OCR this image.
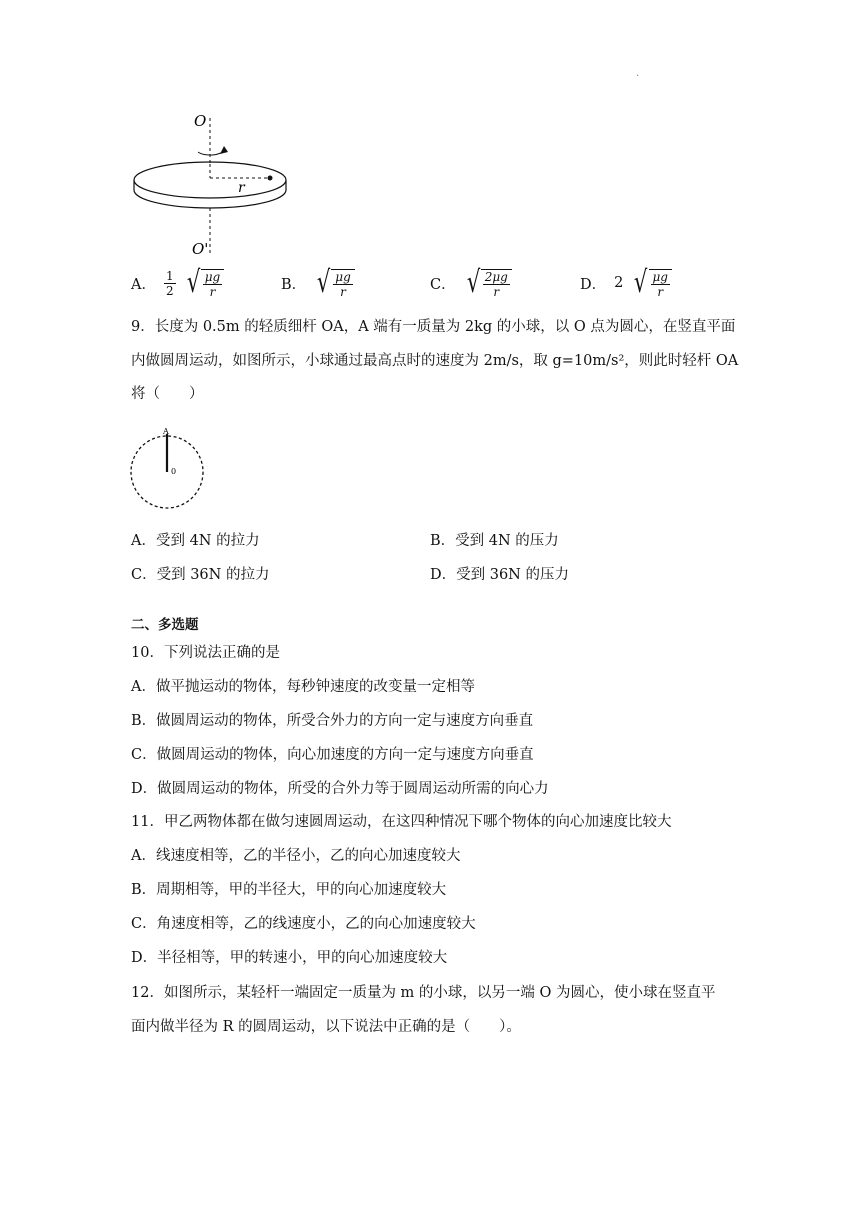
.
O
r
O'
A． $\frac{1}{2}$ √ $\frac{\mu g}{r}$	B． √ $\frac{\mu g}{r}$	C． √ $\frac{2\mu g}{r}$	D． 2 √ $\frac{\mu g}{r}$
9．长度为 0.5m 的轻质细杆 OA，A 端有一质量为 2kg 的小球，以 O 点为圆心，在竖直平面
内做圆周运动，如图所示，小球通过最高点时的速度为 2m/s，取 g=10m/s²，则此时轻杆 OA
将（　　）
A
0
A．受到 4N 的拉力	B．受到 4N 的压力
C．受到 36N 的拉力	D．受到 36N 的压力
二、多选题
10．下列说法正确的是
A．做平抛运动的物体，每秒钟速度的改变量一定相等
B．做圆周运动的物体，所受合外力的方向一定与速度方向垂直
C．做圆周运动的物体，向心加速度的方向一定与速度方向垂直
D．做圆周运动的物体，所受的合外力等于圆周运动所需的向心力
11．甲乙两物体都在做匀速圆周运动，在这四种情况下哪个物体的向心加速度比较大
A．线速度相等，乙的半径小，乙的向心加速度较大
B．周期相等，甲的半径大，甲的向心加速度较大
C．角速度相等，乙的线速度小，乙的向心加速度较大
D．半径相等，甲的转速小，甲的向心加速度较大
12．如图所示，某轻杆一端固定一质量为 m 的小球，以另一端 O 为圆心，使小球在竖直平
面内做半径为 R 的圆周运动，以下说法中正确的是（　　）。
